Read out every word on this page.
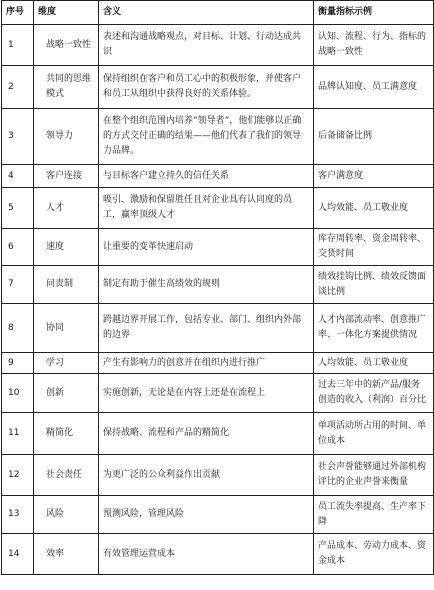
序号	维度	含义	衡量指标示例
1	战略一致性	表述和沟通战略观点，对目标、计划、行动达成共识	认知、流程、行为、指标的战略一致性
2	共同的思维模式	保持组织在客户和员工心中的积极形象，并使客户和员工从组织中获得良好的关系体验。	品牌认知度、员工满意度
3	领导力	在整个组织范围内培养“领导者”，他们能够以正确的方式交付正确的结果——他们代表了我们的领导力品牌。	后备储备比例
4	客户连接	与目标客户建立持久的信任关系	客户满意度
5	人才	吸引、激励和保留胜任且对企业具有认同度的员工，赢率顶级人才	人均效能、员工敬业度
6	速度	让重要的变革快速启动	库存周转率、资金周转率、交货时间
7	问责制	制定有助于催生高绩效的规则	绩效挂钩比例、绩效反馈面谈比例
8	协同	跨越边界开展工作，包括专业、部门、组织内外部的边界	人才内部流动率、创意推广率、一体化方案提供情况
9	学习	产生有影响力的创意并在组织内进行推广	人均效能、员工敬业度
10	创新	实施创新，无论是在内容上还是在流程上	过去三年中的新产品/服务创造的收入（利润）百分比
11	精简化	保持战略、流程和产品的精简化	单项活动所占用的时间、单位成本
12	社会责任	为更广泛的公众利益作出贡献	社会声誉能够通过外部机构评比的企业声誉来衡量
13	风险	预测风险，管理风险	员工流失率提高、生产率下降
14	效率	有效管理运营成本	产品成本、劳动力成本、资金成本
